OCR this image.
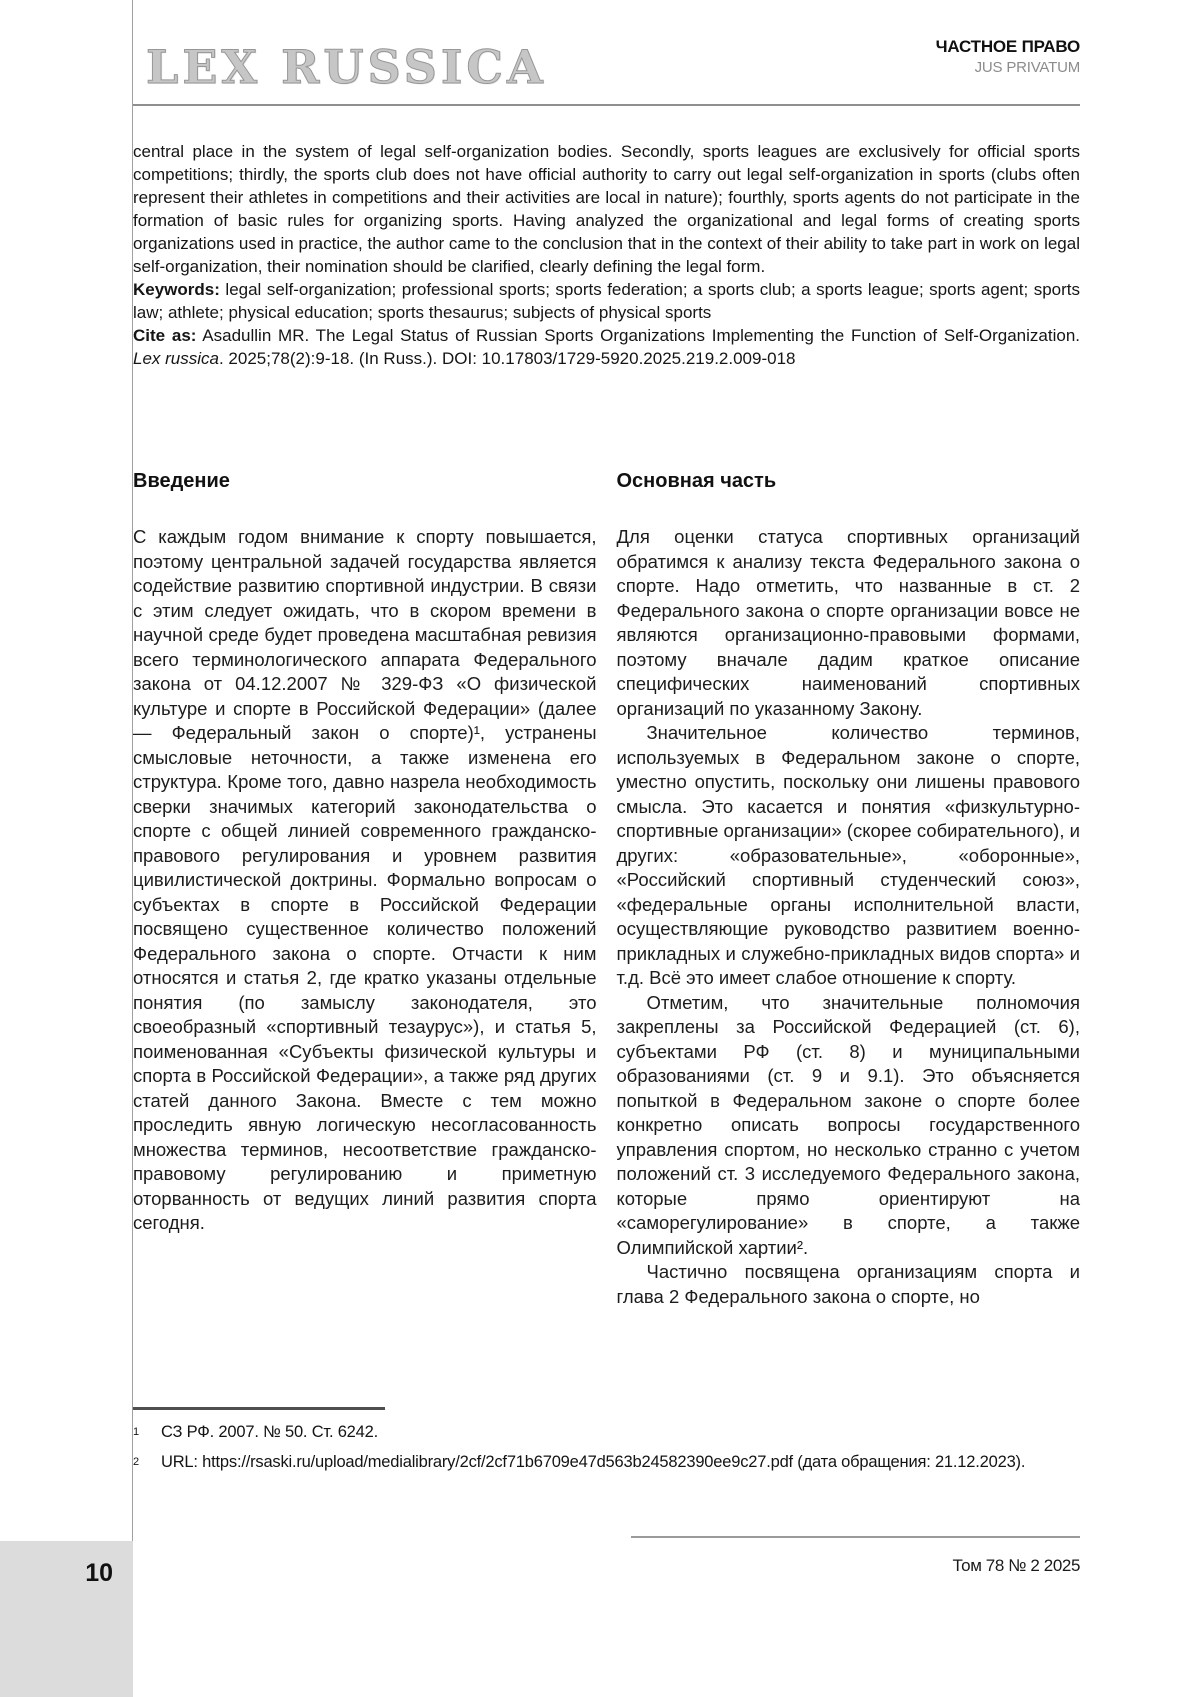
LEX RUSSICA	ЧАСТНОЕ ПРАВО
JUS PRIVATUM

central place in the system of legal self-organization bodies. Secondly, sports leagues are exclusively for official sports competitions; thirdly, the sports club does not have official authority to carry out legal self-organization in sports (clubs often represent their athletes in competitions and their activities are local in nature); fourthly, sports agents do not participate in the formation of basic rules for organizing sports. Having analyzed the organizational and legal forms of creating sports organizations used in practice, the author came to the conclusion that in the context of their ability to take part in work on legal self-organization, their nomination should be clarified, clearly defining the legal form.

Keywords: legal self-organization; professional sports; sports federation; a sports club; a sports league; sports agent; sports law; athlete; physical education; sports thesaurus; subjects of physical sports

Cite as: Asadullin MR. The Legal Status of Russian Sports Organizations Implementing the Function of Self-Organization. Lex russica. 2025;78(2):9-18. (In Russ.). DOI: 10.17803/1729-5920.2025.219.2.009-018

Введение

С каждым годом внимание к спорту повышается, поэтому центральной задачей государства является содействие развитию спортивной индустрии. В связи с этим следует ожидать, что в скором времени в научной среде будет проведена масштабная ревизия всего терминологического аппарата Федерального закона от 04.12.2007 № 329-ФЗ «О физической культуре и спорте в Российской Федерации» (далее — Федеральный закон о спорте)¹, устранены смысловые неточности, а также изменена его структура. Кроме того, давно назрела необходимость сверки значимых категорий законодательства о спорте с общей линией современного гражданско-правового регулирования и уровнем развития цивилистической доктрины. Формально вопросам о субъектах в спорте в Российской Федерации посвящено существенное количество положений Федерального закона о спорте. Отчасти к ним относятся и статья 2, где кратко указаны отдельные понятия (по замыслу законодателя, это своеобразный «спортивный тезаурус»), и статья 5, поименованная «Субъекты физической культуры и спорта в Российской Федерации», а также ряд других статей данного Закона. Вместе с тем можно проследить явную логическую несогласованность множества терминов, несоответствие гражданско-правовому регулированию и приметную оторванность от ведущих линий развития спорта сегодня.

Основная часть

Для оценки статуса спортивных организаций обратимся к анализу текста Федерального закона о спорте. Надо отметить, что названные в ст. 2 Федерального закона о спорте организации вовсе не являются организационно-правовыми формами, поэтому вначале дадим краткое описание специфических наименований спортивных организаций по указанному Закону.

Значительное количество терминов, используемых в Федеральном законе о спорте, уместно опустить, поскольку они лишены правового смысла. Это касается и понятия «физкультурно-спортивные организации» (скорее собирательного), и других: «образовательные», «оборонные», «Российский спортивный студенческий союз», «федеральные органы исполнительной власти, осуществляющие руководство развитием военно-прикладных и служебно-прикладных видов спорта» и т.д. Всё это имеет слабое отношение к спорту.

Отметим, что значительные полномочия закреплены за Российской Федерацией (ст. 6), субъектами РФ (ст. 8) и муниципальными образованиями (ст. 9 и 9.1). Это объясняется попыткой в Федеральном законе о спорте более конкретно описать вопросы государственного управления спортом, но несколько странно с учетом положений ст. 3 исследуемого Федерального закона, которые прямо ориентируют на «саморегулирование» в спорте, а также Олимпийской хартии².

Частично посвящена организациям спорта и глава 2 Федерального закона о спорте, но

$^1$	СЗ РФ. 2007. № 50. Ст. 6242.
$^2$	URL: https://rsaski.ru/upload/medialibrary/2cf/2cf71b6709e47d563b24582390ee9c27.pdf (дата обращения: 21.12.2023).
10	Том 78 № 2 2025
